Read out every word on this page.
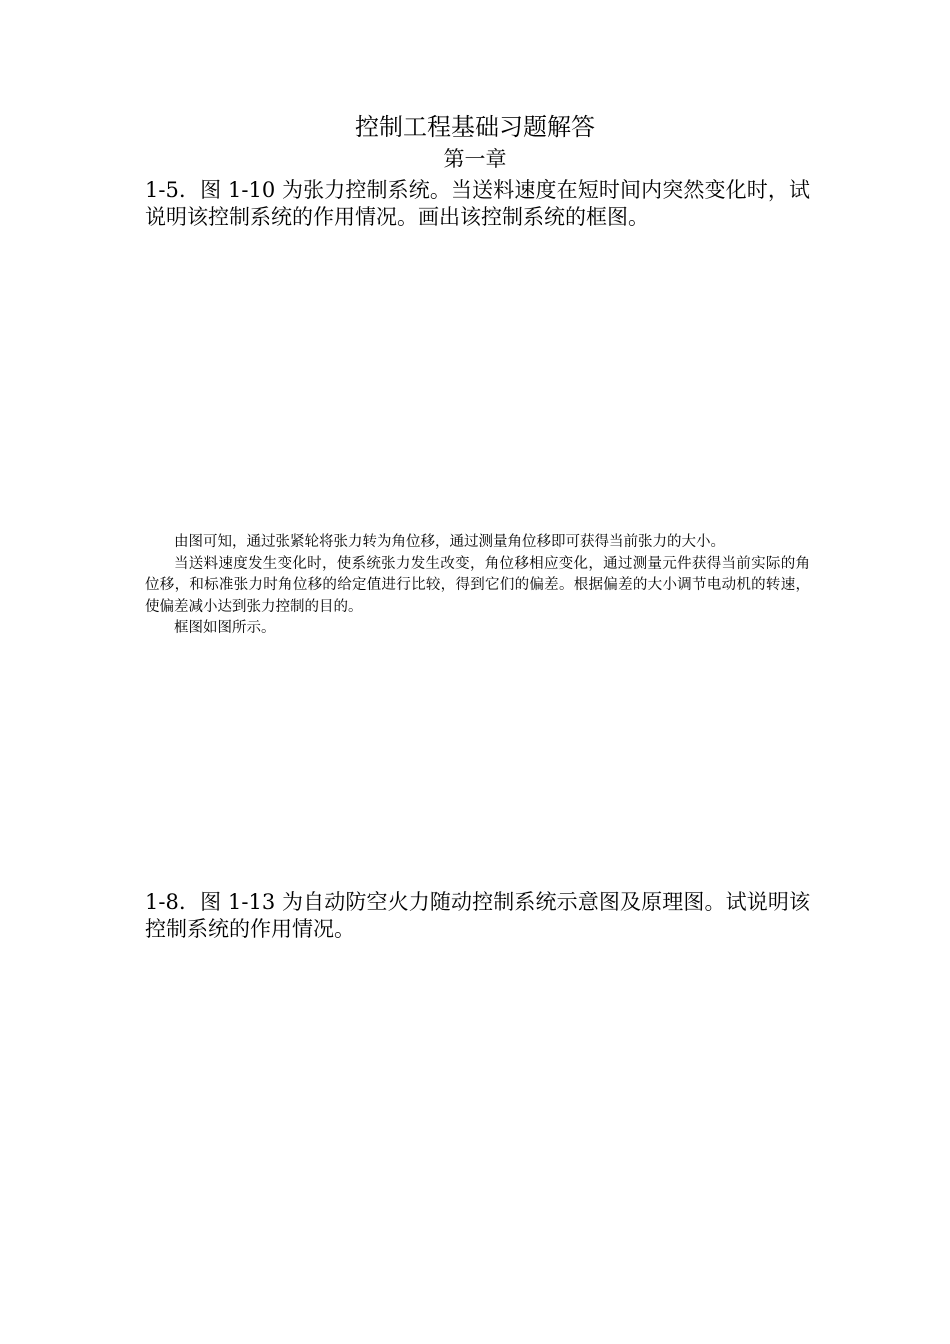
控制工程基础习题解答
第一章
1-5．图 1-10 为张力控制系统。当送料速度在短时间内突然变化时，试说明该控制系统的作用情况。画出该控制系统的框图。

由图可知，通过张紧轮将张力转为角位移，通过测量角位移即可获得当前张力的大小。

当送料速度发生变化时，使系统张力发生改变，角位移相应变化，通过测量元件获得当前实际的角位移，和标准张力时角位移的给定值进行比较，得到它们的偏差。根据偏差的大小调节电动机的转速，使偏差减小达到张力控制的目的。

框图如图所示。

1-8．图 1-13 为自动防空火力随动控制系统示意图及原理图。试说明该控制系统的作用情况。
